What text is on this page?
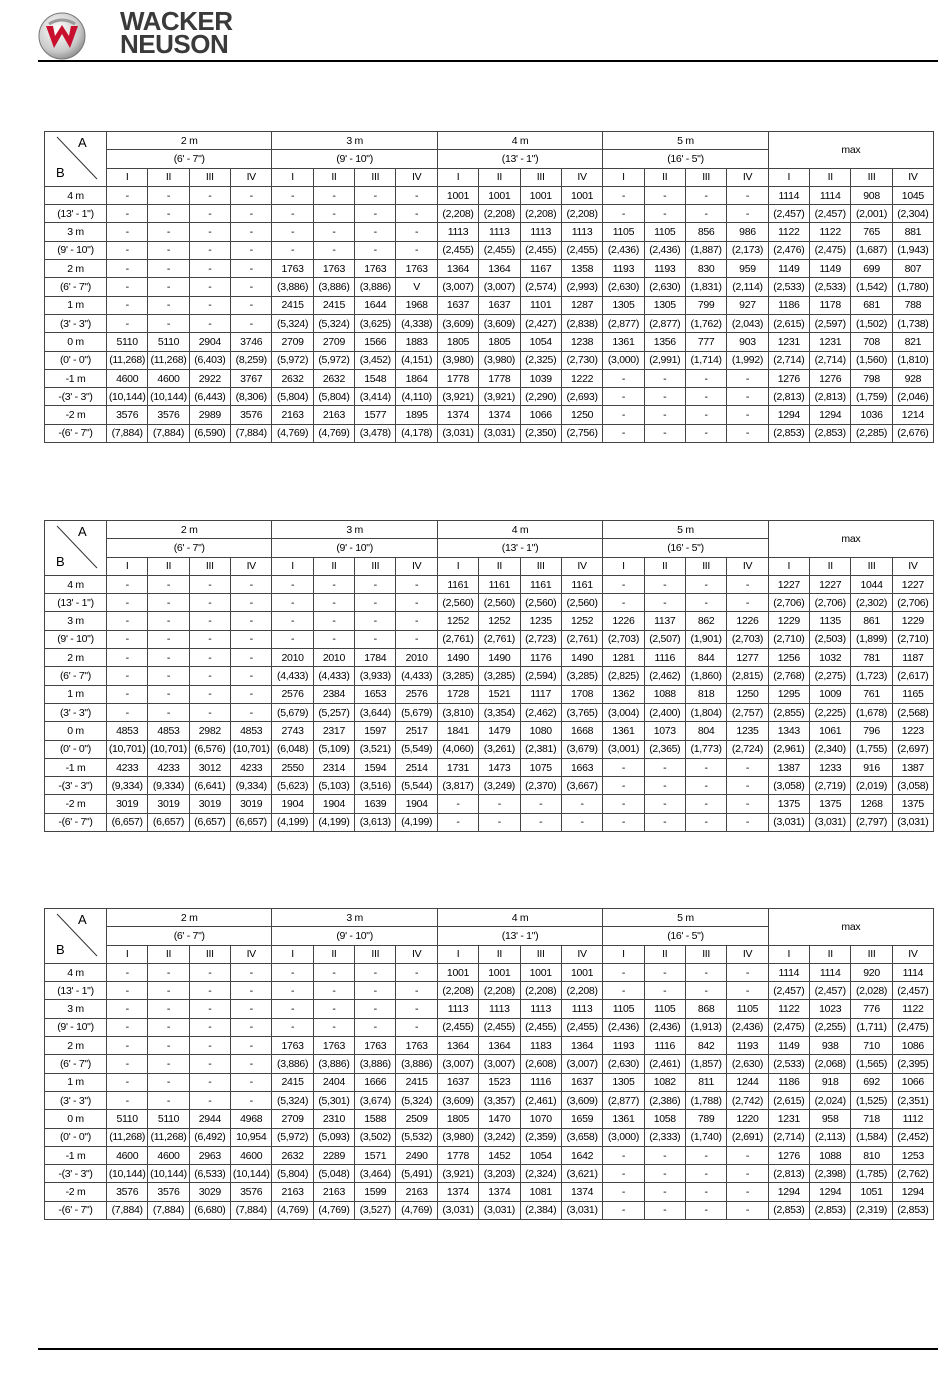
WACKER
NEUSON
A
B	2 m				3 m				4 m				5 m				max			
	(6' - 7")				(9' - 10")				(13' - 1")				(16' - 5")							
	I	II	III	IV	I	II	III	IV	I	II	III	IV	I	II	III	IV	I	II	III	IV
4 m	-	-	-	-	-	-	-	-	1001	1001	1001	1001	-	-	-	-	1114	1114	908	1045
(13' - 1")	-	-	-	-	-	-	-	-	(2,208)	(2,208)	(2,208)	(2,208)	-	-	-	-	(2,457)	(2,457)	(2,001)	(2,304)
3 m	-	-	-	-	-	-	-	-	1113	1113	1113	1113	1105	1105	856	986	1122	1122	765	881
(9' - 10")	-	-	-	-	-	-	-	-	(2,455)	(2,455)	(2,455)	(2,455)	(2,436)	(2,436)	(1,887)	(2,173)	(2,476)	(2,475)	(1,687)	(1,943)
2 m	-	-	-	-	1763	1763	1763	1763	1364	1364	1167	1358	1193	1193	830	959	1149	1149	699	807
(6' - 7")	-	-	-	-	(3,886)	(3,886)	(3,886)	V	(3,007)	(3,007)	(2,574)	(2,993)	(2,630)	(2,630)	(1,831)	(2,114)	(2,533)	(2,533)	(1,542)	(1,780)
1 m	-	-	-	-	2415	2415	1644	1968	1637	1637	1101	1287	1305	1305	799	927	1186	1178	681	788
(3' - 3")	-	-	-	-	(5,324)	(5,324)	(3,625)	(4,338)	(3,609)	(3,609)	(2,427)	(2,838)	(2,877)	(2,877)	(1,762)	(2,043)	(2,615)	(2,597)	(1,502)	(1,738)
0 m	5110	5110	2904	3746	2709	2709	1566	1883	1805	1805	1054	1238	1361	1356	777	903	1231	1231	708	821
(0' - 0")	(11,268)	(11,268)	(6,403)	(8,259)	(5,972)	(5,972)	(3,452)	(4,151)	(3,980)	(3,980)	(2,325)	(2,730)	(3,000)	(2,991)	(1,714)	(1,992)	(2,714)	(2,714)	(1,560)	(1,810)
-1 m	4600	4600	2922	3767	2632	2632	1548	1864	1778	1778	1039	1222	-	-	-	-	1276	1276	798	928
-(3' - 3")	(10,144)	(10,144)	(6,443)	(8,306)	(5,804)	(5,804)	(3,414)	(4,110)	(3,921)	(3,921)	(2,290)	(2,693)	-	-	-	-	(2,813)	(2,813)	(1,759)	(2,046)
-2 m	3576	3576	2989	3576	2163	2163	1577	1895	1374	1374	1066	1250	-	-	-	-	1294	1294	1036	1214
-(6' - 7")	(7,884)	(7,884)	(6,590)	(7,884)	(4,769)	(4,769)	(3,478)	(4,178)	(3,031)	(3,031)	(2,350)	(2,756)	-	-	-	-	(2,853)	(2,853)	(2,285)	(2,676)
A
B	2 m				3 m				4 m				5 m				max			
	(6' - 7")				(9' - 10")				(13' - 1")				(16' - 5")							
	I	II	III	IV	I	II	III	IV	I	II	III	IV	I	II	III	IV	I	II	III	IV
4 m	-	-	-	-	-	-	-	-	1161	1161	1161	1161	-	-	-	-	1227	1227	1044	1227
(13' - 1")	-	-	-	-	-	-	-	-	(2,560)	(2,560)	(2,560)	(2,560)	-	-	-	-	(2,706)	(2,706)	(2,302)	(2,706)
3 m	-	-	-	-	-	-	-	-	1252	1252	1235	1252	1226	1137	862	1226	1229	1135	861	1229
(9' - 10")	-	-	-	-	-	-	-	-	(2,761)	(2,761)	(2,723)	(2,761)	(2,703)	(2,507)	(1,901)	(2,703)	(2,710)	(2,503)	(1,899)	(2,710)
2 m	-	-	-	-	2010	2010	1784	2010	1490	1490	1176	1490	1281	1116	844	1277	1256	1032	781	1187
(6' - 7")	-	-	-	-	(4,433)	(4,433)	(3,933)	(4,433)	(3,285)	(3,285)	(2,594)	(3,285)	(2,825)	(2,462)	(1,860)	(2,815)	(2,768)	(2,275)	(1,723)	(2,617)
1 m	-	-	-	-	2576	2384	1653	2576	1728	1521	1117	1708	1362	1088	818	1250	1295	1009	761	1165
(3' - 3")	-	-	-	-	(5,679)	(5,257)	(3,644)	(5,679)	(3,810)	(3,354)	(2,462)	(3,765)	(3,004)	(2,400)	(1,804)	(2,757)	(2,855)	(2,225)	(1,678)	(2,568)
0 m	4853	4853	2982	4853	2743	2317	1597	2517	1841	1479	1080	1668	1361	1073	804	1235	1343	1061	796	1223
(0' - 0")	(10,701)	(10,701)	(6,576)	(10,701)	(6,048)	(5,109)	(3,521)	(5,549)	(4,060)	(3,261)	(2,381)	(3,679)	(3,001)	(2,365)	(1,773)	(2,724)	(2,961)	(2,340)	(1,755)	(2,697)
-1 m	4233	4233	3012	4233	2550	2314	1594	2514	1731	1473	1075	1663	-	-	-	-	1387	1233	916	1387
-(3' - 3")	(9,334)	(9,334)	(6,641)	(9,334)	(5,623)	(5,103)	(3,516)	(5,544)	(3,817)	(3,249)	(2,370)	(3,667)	-	-	-	-	(3,058)	(2,719)	(2,019)	(3,058)
-2 m	3019	3019	3019	3019	1904	1904	1639	1904	-	-	-	-	-	-	-	-	1375	1375	1268	1375
-(6' - 7")	(6,657)	(6,657)	(6,657)	(6,657)	(4,199)	(4,199)	(3,613)	(4,199)	-	-	-	-	-	-	-	-	(3,031)	(3,031)	(2,797)	(3,031)
A
B	2 m				3 m				4 m				5 m				max			
	(6' - 7")				(9' - 10")				(13' - 1")				(16' - 5")							
	I	II	III	IV	I	II	III	IV	I	II	III	IV	I	II	III	IV	I	II	III	IV
4 m	-	-	-	-	-	-	-	-	1001	1001	1001	1001	-	-	-	-	1114	1114	920	1114
(13' - 1")	-	-	-	-	-	-	-	-	(2,208)	(2,208)	(2,208)	(2,208)	-	-	-	-	(2,457)	(2,457)	(2,028)	(2,457)
3 m	-	-	-	-	-	-	-	-	1113	1113	1113	1113	1105	1105	868	1105	1122	1023	776	1122
(9' - 10")	-	-	-	-	-	-	-	-	(2,455)	(2,455)	(2,455)	(2,455)	(2,436)	(2,436)	(1,913)	(2,436)	(2,475)	(2,255)	(1,711)	(2,475)
2 m	-	-	-	-	1763	1763	1763	1763	1364	1364	1183	1364	1193	1116	842	1193	1149	938	710	1086
(6' - 7")	-	-	-	-	(3,886)	(3,886)	(3,886)	(3,886)	(3,007)	(3,007)	(2,608)	(3,007)	(2,630)	(2,461)	(1,857)	(2,630)	(2,533)	(2,068)	(1,565)	(2,395)
1 m	-	-	-	-	2415	2404	1666	2415	1637	1523	1116	1637	1305	1082	811	1244	1186	918	692	1066
(3' - 3")	-	-	-	-	(5,324)	(5,301)	(3,674)	(5,324)	(3,609)	(3,357)	(2,461)	(3,609)	(2,877)	(2,386)	(1,788)	(2,742)	(2,615)	(2,024)	(1,525)	(2,351)
0 m	5110	5110	2944	4968	2709	2310	1588	2509	1805	1470	1070	1659	1361	1058	789	1220	1231	958	718	1112
(0' - 0")	(11,268)	(11,268)	(6,492)	10,954	(5,972)	(5,093)	(3,502)	(5,532)	(3,980)	(3,242)	(2,359)	(3,658)	(3,000)	(2,333)	(1,740)	(2,691)	(2,714)	(2,113)	(1,584)	(2,452)
-1 m	4600	4600	2963	4600	2632	2289	1571	2490	1778	1452	1054	1642	-	-	-	-	1276	1088	810	1253
-(3' - 3")	(10,144)	(10,144)	(6,533)	(10,144)	(5,804)	(5,048)	(3,464)	(5,491)	(3,921)	(3,203)	(2,324)	(3,621)	-	-	-	-	(2,813)	(2,398)	(1,785)	(2,762)
-2 m	3576	3576	3029	3576	2163	2163	1599	2163	1374	1374	1081	1374	-	-	-	-	1294	1294	1051	1294
-(6' - 7")	(7,884)	(7,884)	(6,680)	(7,884)	(4,769)	(4,769)	(3,527)	(4,769)	(3,031)	(3,031)	(2,384)	(3,031)	-	-	-	-	(2,853)	(2,853)	(2,319)	(2,853)
